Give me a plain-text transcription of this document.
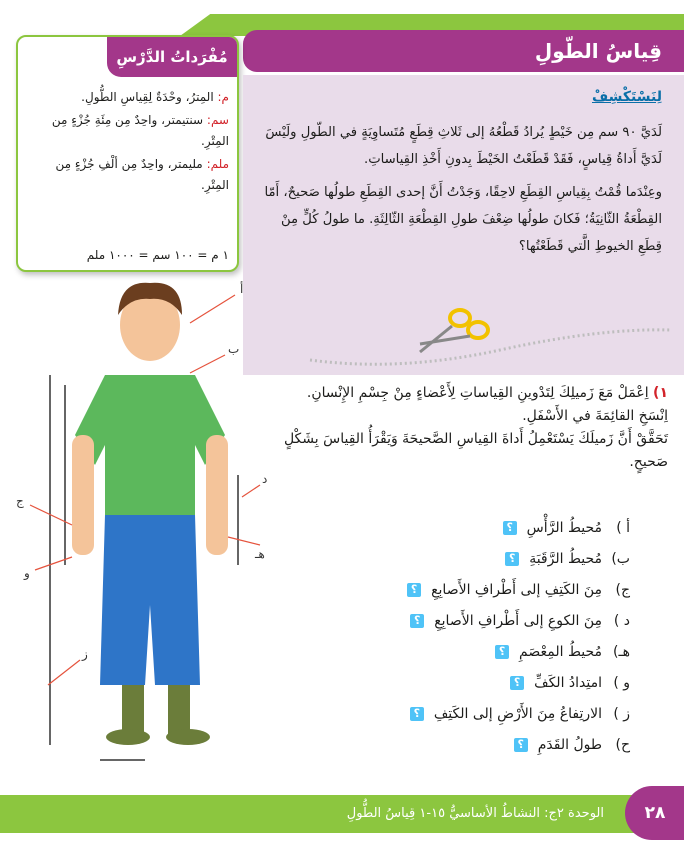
قِياسُ الطّولِ
مُفْرَداتُ الدَّرْسِ

م: المِترُ، وحْدَةٌ لِقِياسِ الطُّولِ.

سم: سنتيمتر، واحِدٌ مِن مِئَةِ جُزْءٍ مِن المِتْرِ.

ملم: مليمتر، واحِدٌ مِن ألْفِ جُزْءٍ مِن المِتْرِ.

١ م = ١٠٠ سم = ١٠٠٠ ملم
لِنَسْتَكْشِفْ

لَدَيَّ ٩٠ سم مِن خَيْطٍ يُرادُ قَطْعُهُ إلى ثَلاثِ قِطَعٍ مُتَساوِيَةٍ في الطّولِ ولَيْسَ لَدَيَّ أَداةُ قِياسٍ، فَقَدْ قَطَعْتُ الخَيْطَ بِدونِ أَخْذِ القِياساتِ.

وعِنْدَما قُمْتُ بِقِياسِ القِطَعِ لاحِقًا، وَجَدْتُ أَنَّ إحدى القِطَعِ طولُها صَحيحٌ، أَمّا القِطْعَةُ الثّانِيَةُ؛ فَكانَ طولُها ضِعْفَ طولِ القِطْعَةِ الثّالِثَةِ. ما طولُ كُلٍّ مِنْ قِطَعِ الخيوطِ الَّتي قَطَعْتُها؟

١) اِعْمَلْ مَعَ زَميلِكَ لِتَدْوينِ القِياساتِ لِأَعْضاءٍ مِنْ جِسْمِ الإِنْسانِ.

اِنْسَخِ القائِمَةَ في الأَسْفَلِ.

تَحَقَّقْ أَنَّ زَميلَكَ يَسْتَعْمِلُ أَداةَ القِياسِ الصَّحيحَةَ وَيَقْرَأُ القِياسَ بِشَكْلٍ صَحيحٍ.

أ )
مُحيطُ الرَّأْسِ
؟
ب)
مُحيطُ الرَّقَبَةِ
؟
ج)
مِنَ الكَتِفِ إلى أَطْرافِ الأَصابِعِ
؟
د )
مِنَ الكوعِ إلى أَطْرافِ الأَصابِعِ
؟
هـ)
مُحيطُ المِعْصَمِ
؟
و )
امتِدادُ الكَفِّ
؟
ز )
الارتِفاعُ مِنَ الأَرْضِ إلى الكَتِفِ
؟
ح)
طولُ القَدَمِ
؟
أ
ب
ج
د
هـ
و
ز
الوحدة ٢ج: النشاطُ الأساسيُّ ١٥-١ قِياسُ الطُّولِ	٢٨
